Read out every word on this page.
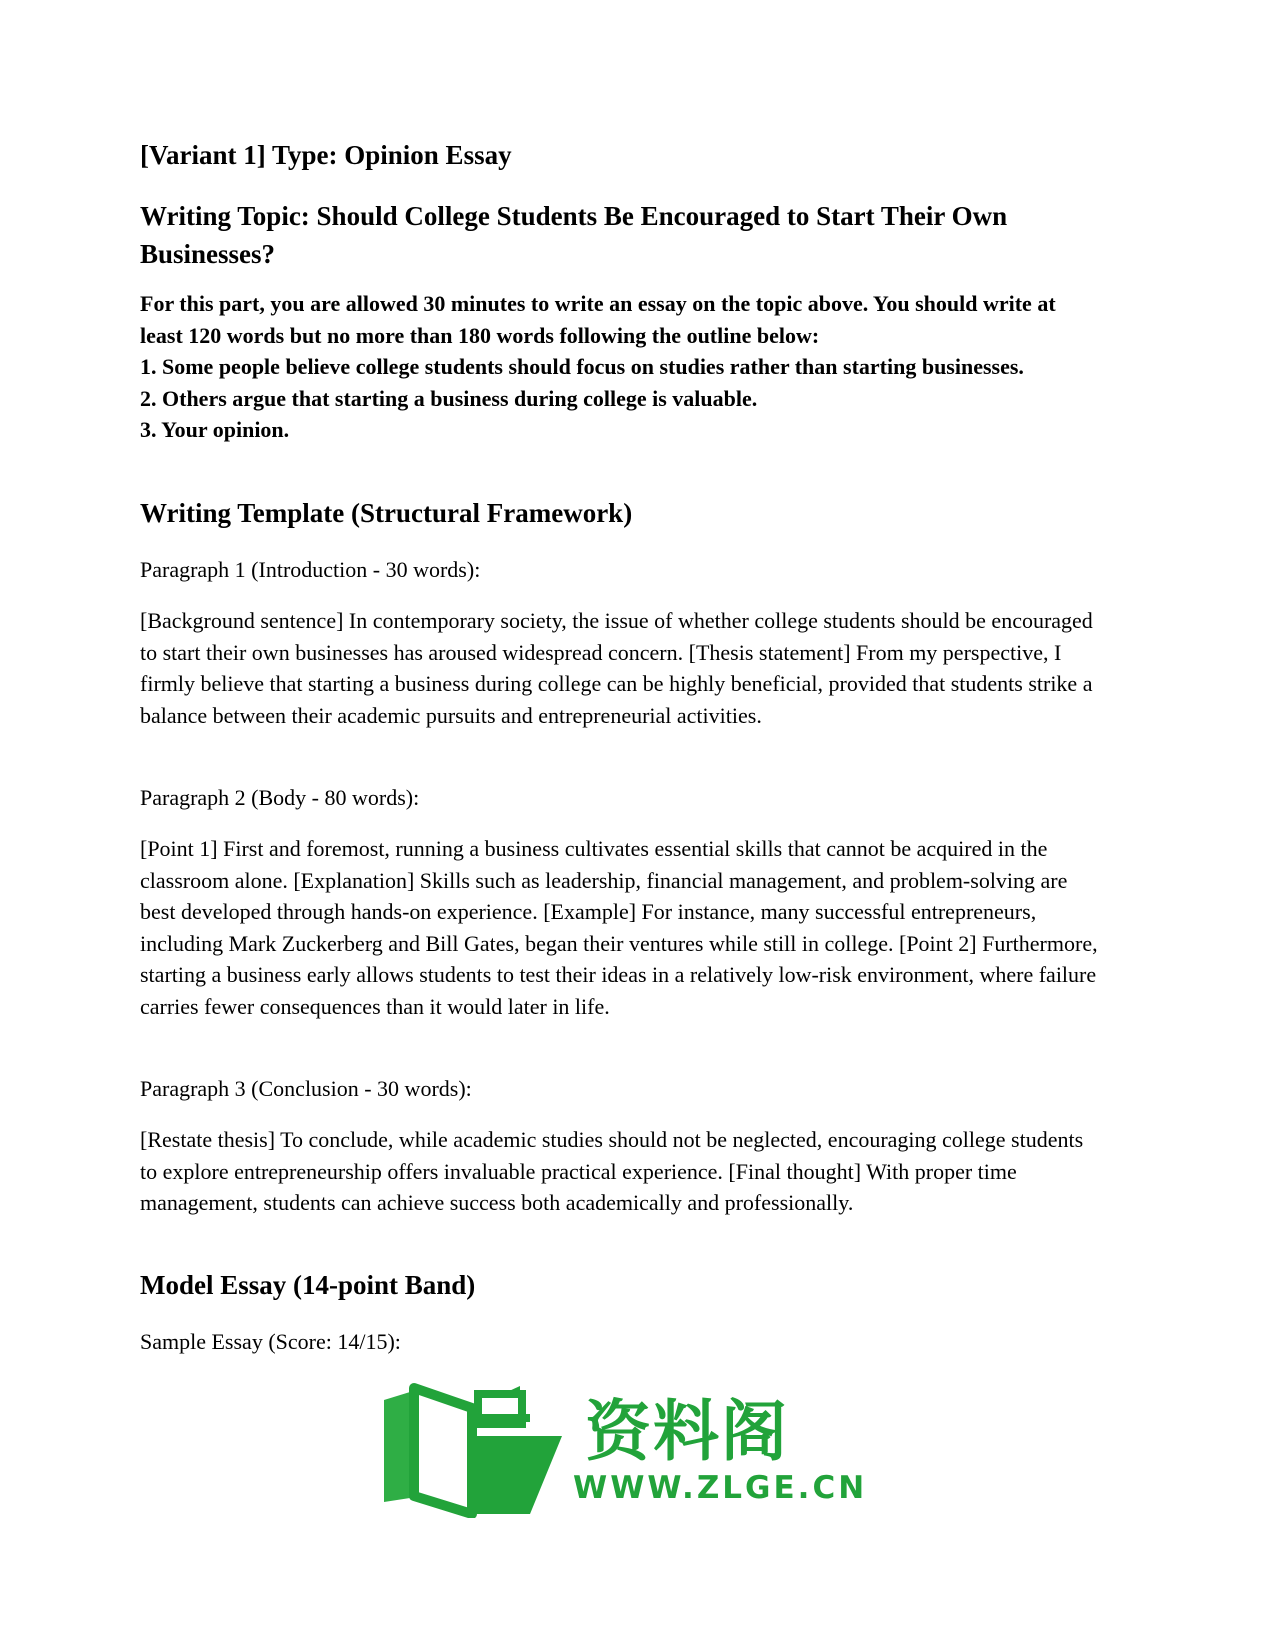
[Variant 1] Type: Opinion Essay
Writing Topic: Should College Students Be Encouraged to Start Their Own Businesses?
For this part, you are allowed 30 minutes to write an essay on the topic above. You should write at least 120 words but no more than 180 words following the outline below:
1. Some people believe college students should focus on studies rather than starting businesses.
2. Others argue that starting a business during college is valuable.
3. Your opinion.
Writing Template (Structural Framework)

Paragraph 1 (Introduction - 30 words):

[Background sentence] In contemporary society, the issue of whether college students should be encouraged to start their own businesses has aroused widespread concern. [Thesis statement] From my perspective, I firmly believe that starting a business during college can be highly beneficial, provided that students strike a balance between their academic pursuits and entrepreneurial activities.

Paragraph 2 (Body - 80 words):

[Point 1] First and foremost, running a business cultivates essential skills that cannot be acquired in the classroom alone. [Explanation] Skills such as leadership, financial management, and problem-solving are best developed through hands-on experience. [Example] For instance, many successful entrepreneurs, including Mark Zuckerberg and Bill Gates, began their ventures while still in college. [Point 2] Furthermore, starting a business early allows students to test their ideas in a relatively low-risk environment, where failure carries fewer consequences than it would later in life.

Paragraph 3 (Conclusion - 30 words):

[Restate thesis] To conclude, while academic studies should not be neglected, encouraging college students to explore entrepreneurship offers invaluable practical experience. [Final thought] With proper time management, students can achieve success both academically and professionally.

Model Essay (14-point Band)

Sample Essay (Score: 14/15):

资料阁
WWW.ZLGE.CN
